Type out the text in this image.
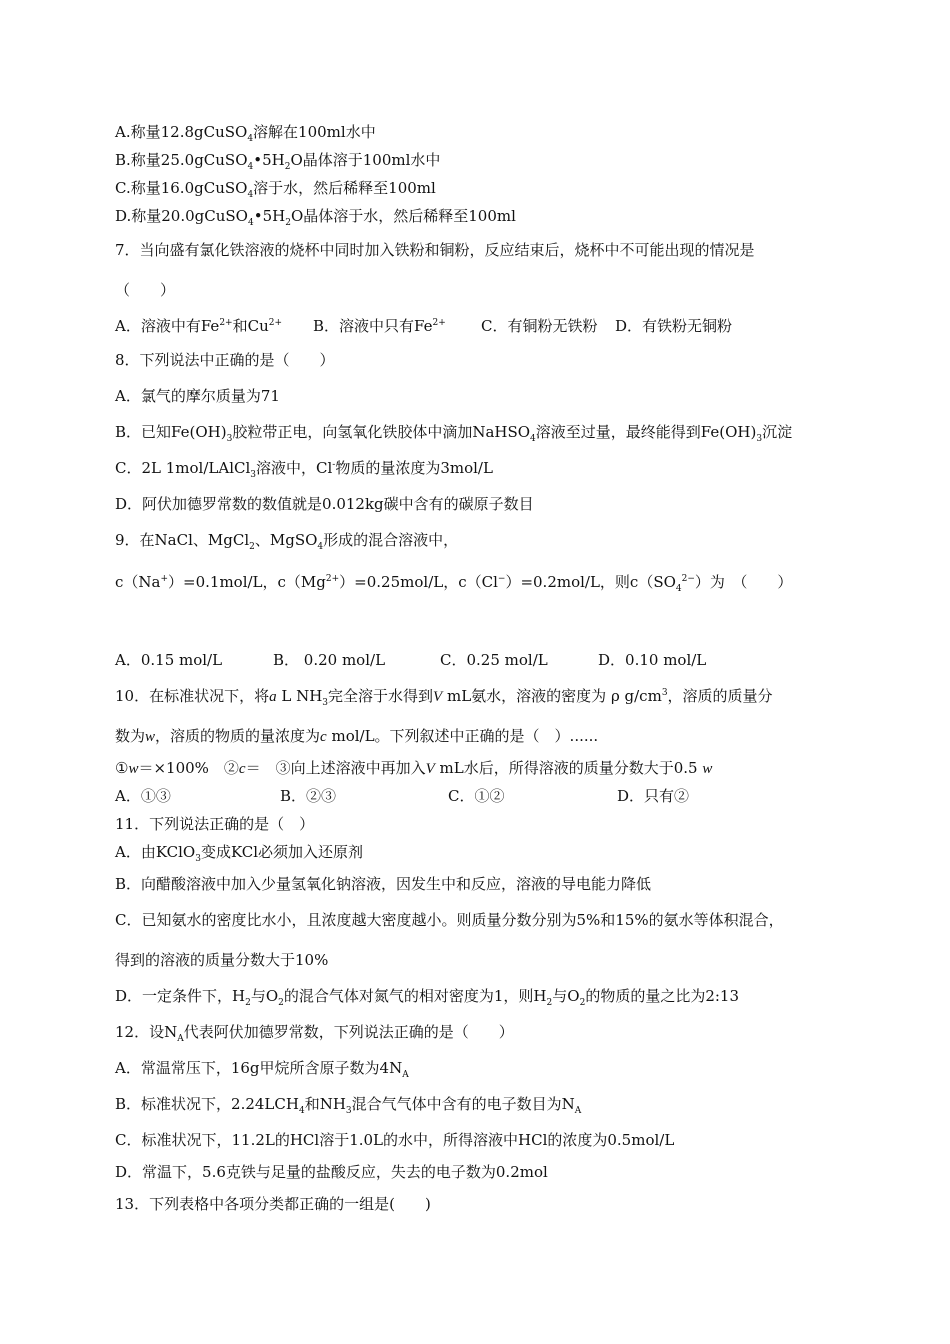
A.称量12.8gCuSO$_4$溶解在100ml水中
B.称量$25.0gCuSO_4•5H_2O$晶体溶于100ml水中
C.称量16.0gCuSO$_4$溶于水，然后稀释至100ml
D.称量$20.0gCuSO_4•5H_2O$晶体溶于水，然后稀释至100ml
7．当向盛有氯化铁溶液的烧杯中同时加入铁粉和铜粉，反应结束后，烧杯中不可能出现的情况是
（　　）
A．溶液中有$Fe^{2+}$和$Cu^{2+}$ B．溶液中只有$Fe^{2+}$ C．有铜粉无铁粉 D．有铁粉无铜粉
8．下列说法中正确的是（　　）
A．氯气的摩尔质量为71
B．已知$Fe(OH)_3$胶粒带正电，向氢氧化铁胶体中滴加NaHSO$_4$溶液至过量，最终能得到$Fe(OH)_3$沉淀
C．2L 1mol/LAlCl$_3$溶液中，Cl-物质的量浓度为3mol/L
D．阿伏加德罗常数的数值就是0.012kg碳中含有的碳原子数目
9．在NaCl、MgCl$_2$、MgSO$_4$形成的混合溶液中，
c（Na+）=0.1mol/L，$c(Mg^{2+})=0.25mol/L$，c（Cl−）=0.2mol/L，则$c(SO_4^{2-})$为　（　　）
A．0.15 mol/L	B． 0.20 mol/L	C．0.25 mol/L	D．0.10 mol/L
10．在标准状况下，将a L $NH_3$完全溶于水得到V mL氨水，溶液的密度为 ρ $g/cm^3$，溶质的质量分
数为w，溶质的物质的量浓度为c mol/L。下列叙述中正确的是（　）......
①w＝×100%　②c＝　③向上述溶液中再加入V mL水后，所得溶液的质量分数大于0.5 w
A．①③	B．②③	C．①②	D．只有②
11．下列说法正确的是（　）
A．由KClO$_3$变成KCl必须加入还原剂
B．向醋酸溶液中加入少量氢氧化钠溶液，因发生中和反应，溶液的导电能力降低
C．已知氨水的密度比水小，且浓度越大密度越小。则质量分数分别为5%和15%的氨水等体积混合，
得到的溶液的质量分数大于10%
D．一定条件下，$H_2$与$O_2$的混合气体对氮气的相对密度为1，则$H_2$与$O_2$的物质的量之比为2:13
12．设$N_A$代表阿伏加德罗常数，下列说法正确的是（　　）
A．常温常压下，16g甲烷所含原子数为$4N_A$
B．标准状况下，$2.24LCH_4$和$NH_3$混合气气体中含有的电子数目为$N_A$
C．标准状况下，11.2L的HCl溶于1.0L的水中，所得溶液中HCl的浓度为0.5mol/L
D．常温下，5.6克铁与足量的盐酸反应，失去的电子数为0.2mol
13．下列表格中各项分类都正确的一组是(　　)
